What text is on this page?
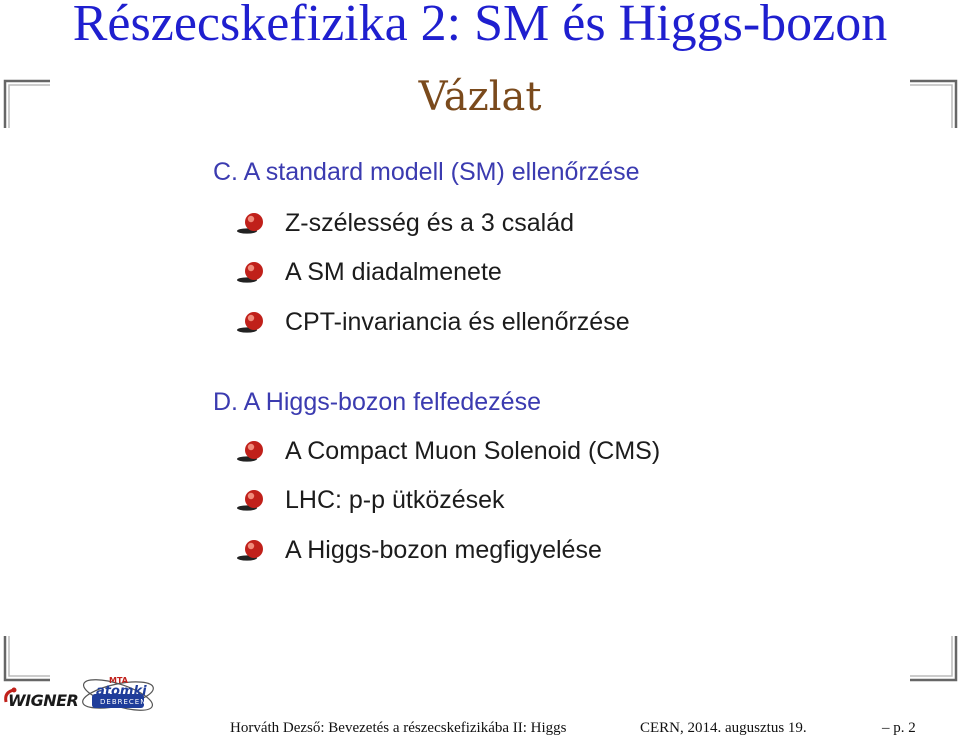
Részecskefizika 2: SM és Higgs-bozon
Vázlat
C. A standard modell (SM) ellenőrzése
Z-szélesség és a 3 család
A SM diadalmenete
CPT-invariancia és ellenőrzése
D. A Higgs-bozon felfedezése
A Compact Muon Solenoid (CMS)
LHC: p-p ütközések
A Higgs-bozon megfigyelése
WIGNER
MTA
atomki
DEBRECEN
Horváth Dezső: Bevezetés a részecskefizikába II: Higgs	CERN, 2014. augusztus 19.	– p. 2
